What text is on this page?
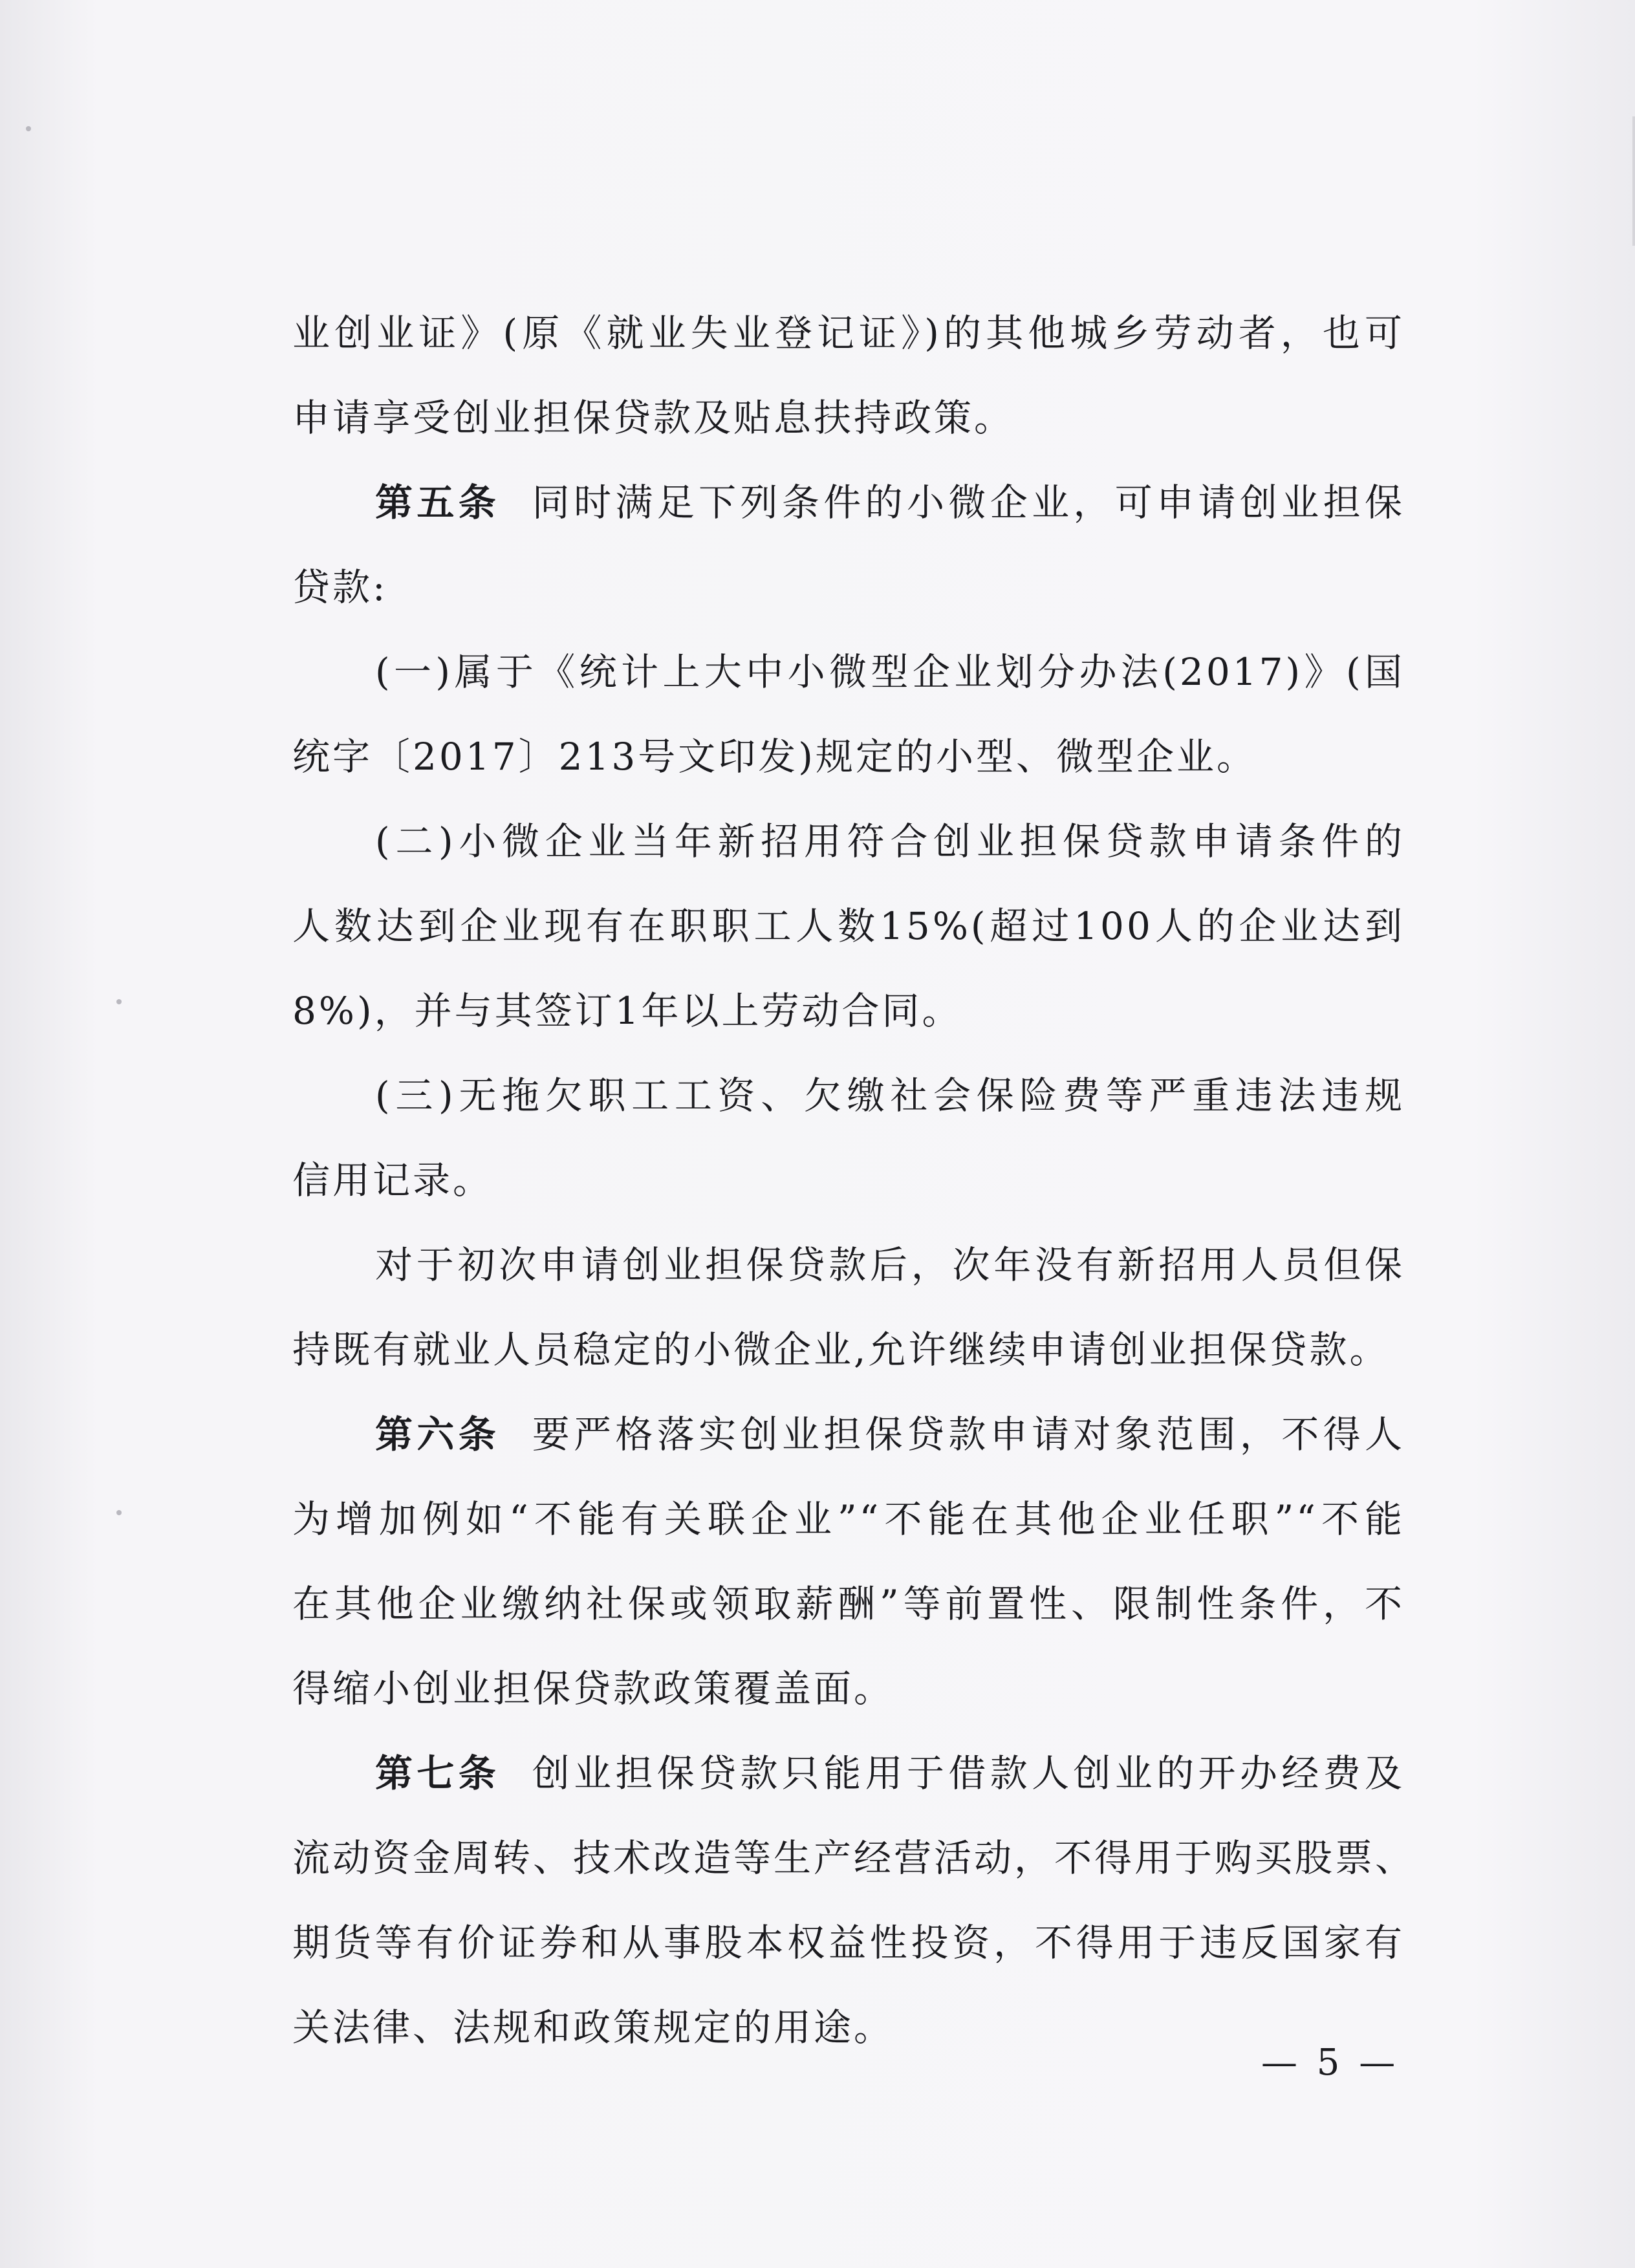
业创业证》(原《就业失业登记证》)的其他城乡劳动者，也可
申请享受创业担保贷款及贴息扶持政策。
第五条 同时满足下列条件的小微企业，可申请创业担保
贷款:
(一)属于《统计上大中小微型企业划分办法(2017)》(国
统字〔2017〕213号文印发)规定的小型、微型企业。
(二)小微企业当年新招用符合创业担保贷款申请条件的
人数达到企业现有在职职工人数15%(超过100人的企业达到
8%)，并与其签订1年以上劳动合同。
(三)无拖欠职工工资、欠缴社会保险费等严重违法违规
信用记录。
对于初次申请创业担保贷款后，次年没有新招用人员但保
持既有就业人员稳定的小微企业,允许继续申请创业担保贷款。
第六条 要严格落实创业担保贷款申请对象范围，不得人
为增加例如“不能有关联企业”“不能在其他企业任职”“不能
在其他企业缴纳社保或领取薪酬”等前置性、限制性条件，不
得缩小创业担保贷款政策覆盖面。
第七条 创业担保贷款只能用于借款人创业的开办经费及
流动资金周转、技术改造等生产经营活动，不得用于购买股票、
期货等有价证券和从事股本权益性投资，不得用于违反国家有
关法律、法规和政策规定的用途。
— 5 —
